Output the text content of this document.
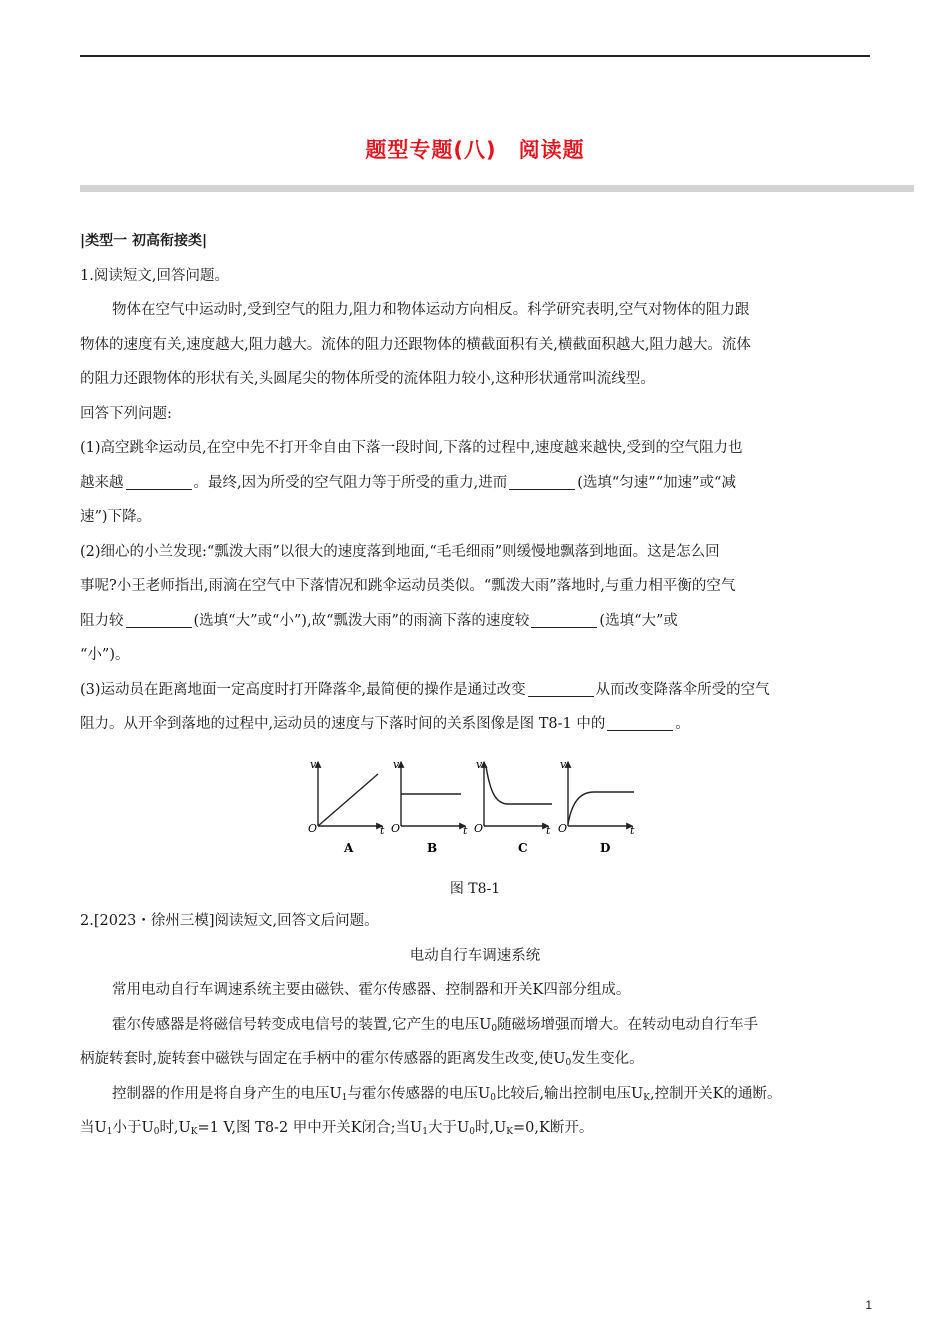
题型专题(八)　阅读题
|类型一 初高衔接类|
1.阅读短文,回答问题。
物体在空气中运动时,受到空气的阻力,阻力和物体运动方向相反。科学研究表明,空气对物体的阻力跟
物体的速度有关,速度越大,阻力越大。流体的阻力还跟物体的横截面积有关,横截面积越大,阻力越大。流体
的阻力还跟物体的形状有关,头圆尾尖的物体所受的流体阻力较小,这种形状通常叫流线型。
回答下列问题:
(1)高空跳伞运动员,在空中先不打开伞自由下落一段时间,下落的过程中,速度越来越快,受到的空气阻力也
越来越	。最终,因为所受的空气阻力等于所受的重力,进而	(选填“匀速”“加速”或“减
速”)下降。
(2)细心的小兰发现:“瓢泼大雨”以很大的速度落到地面,“毛毛细雨”则缓慢地飘落到地面。这是怎么回
事呢?小王老师指出,雨滴在空气中下落情况和跳伞运动员类似。“瓢泼大雨”落地时,与重力相平衡的空气
阻力较	(选填“大”或“小”),故“瓢泼大雨”的雨滴下落的速度较	(选填“大”或
“小”)。
(3)运动员在距离地面一定高度时打开降落伞,最简便的操作是通过改变	从而改变降落伞所受的空气
阻力。从开伞到落地的过程中,运动员的速度与下落时间的关系图像是图 T8-1 中的	。
v
t
O
A
v
t
O
B
v
t
O
C
v
t
O
D
图 T8-1
2.[2023・徐州三模]阅读短文,回答文后问题。
电动自行车调速系统
常用电动自行车调速系统主要由磁铁、霍尔传感器、控制器和开关K四部分组成。
霍尔传感器是将磁信号转变成电信号的装置,它产生的电压$U_0$随磁场增强而增大。在转动电动自行车手
柄旋转套时,旋转套中磁铁与固定在手柄中的霍尔传感器的距离发生改变,使$U_0$发生变化。
控制器的作用是将自身产生的电压$U_1$与霍尔传感器的电压$U_0$比较后,输出控制电压$U_K$,控制开关K的通断。
当$U_1$小于$U_0$时$,U_K=1$ V,图 T8-2 甲中开关K闭合;当$U_1$大于$U_0$时$,U_K=0,K$断开。
1
